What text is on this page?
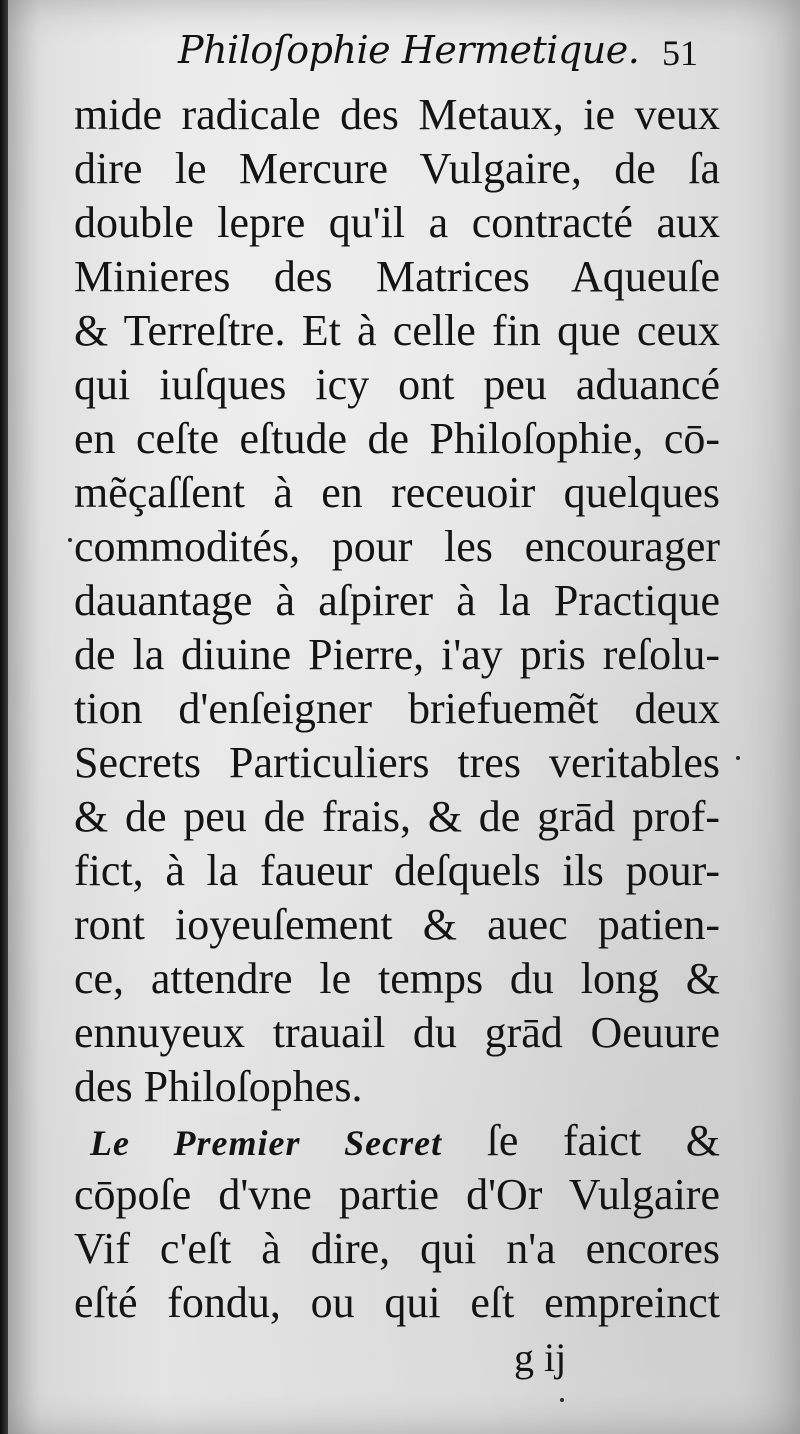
Philoſophie Hermetique. 51
mide radicale des Metaux, ie veux
dire le Mercure Vulgaire, de ſa
double lepre qu'il a contracté aux
Minieres des Matrices Aqueuſe
& Terreſtre. Et à celle fin que ceux
qui iuſques icy ont peu aduancé
en ceſte eſtude de Philoſophie, cō-
mẽçaſſent à en receuoir quelques
commodités, pour les encourager
dauantage à aſpirer à la Practique
de la diuine Pierre, i'ay pris reſolu-
tion d'enſeigner briefuemẽt deux
Secrets Particuliers tres veritables
& de peu de frais, & de grād prof-
fict, à la faueur deſquels ils pour-
ront ioyeuſement & auec patien-
ce, attendre le temps du long &
ennuyeux trauail du grād Oeuure
des Philoſophes.
Le Premier Secret ſe faict &
cōpoſe d'vne partie d'Or Vulgaire
Vif c'eſt à dire, qui n'a encores
eſté fondu, ou qui eſt empreinct
g ij
